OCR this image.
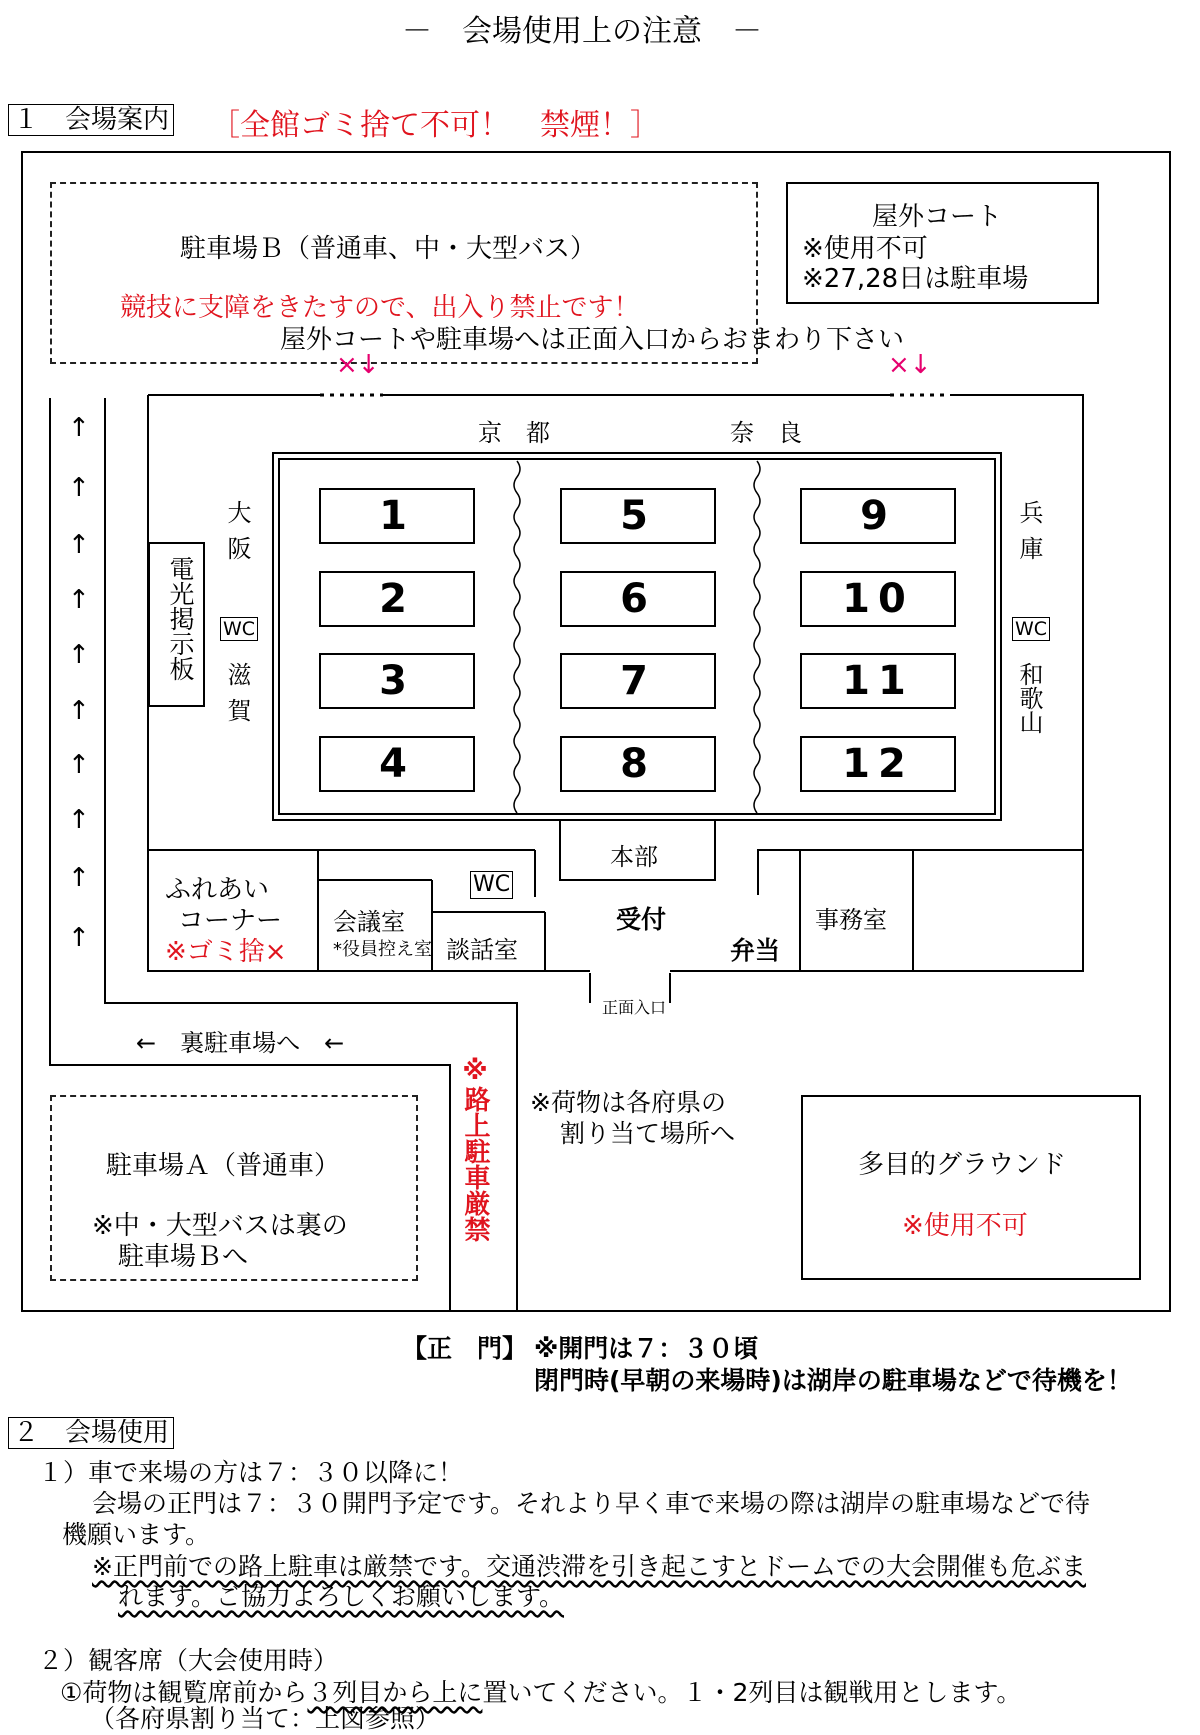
－　会場使用上の注意　－
１　会場案内 ［全館ゴミ捨て不可！　禁煙！］
駐車場Ｂ（普通車、中・大型バス）
競技に支障をきたすので、出入り禁止です！
屋外コート
※使用不可
※27,28日は駐車場
屋外コートや駐車場へは正面入口からおまわり下さい
×↓	×↓
京　都	奈　良
大阪
WC
滋賀
兵庫
WC
和歌山
電光掲示板
1
2
3
4
5
6
7
8
9
10
11
12
本部
ふれあい
コーナー
※ゴミ捨×
WC
会議室
*役員控え室 談話室
受付
弁当
事務室
正面入口
↑
↑
↑
↑
↑
↑
↑
↑
↑
↑
←　裏駐車場へ　←
※路上駐車厳禁 ※荷物は各府県の
割り当て場所へ
駐車場Ａ（普通車）
※中・大型バスは裏の
駐車場Ｂへ
多目的グラウンド
※使用不可
【正　門】 ※開門は７：３０頃
閉門時(早朝の来場時)は湖岸の駐車場などで待機を！
２　会場使用
１）車で来場の方は７：３０以降に！
会場の正門は７：３０開門予定です。それより早く車で来場の際は湖岸の駐車場などで待
機願います。
※正門前での路上駐車は厳禁です。交通渋滞を引き起こすとドームでの大会開催も危ぶま
れます。ご協力よろしくお願いします。
２）観客席（大会使用時）
①荷物は観覧席前から３列目から上に置いてください。１・2列目は観戦用とします。
（各府県割り当て：上図参照）
